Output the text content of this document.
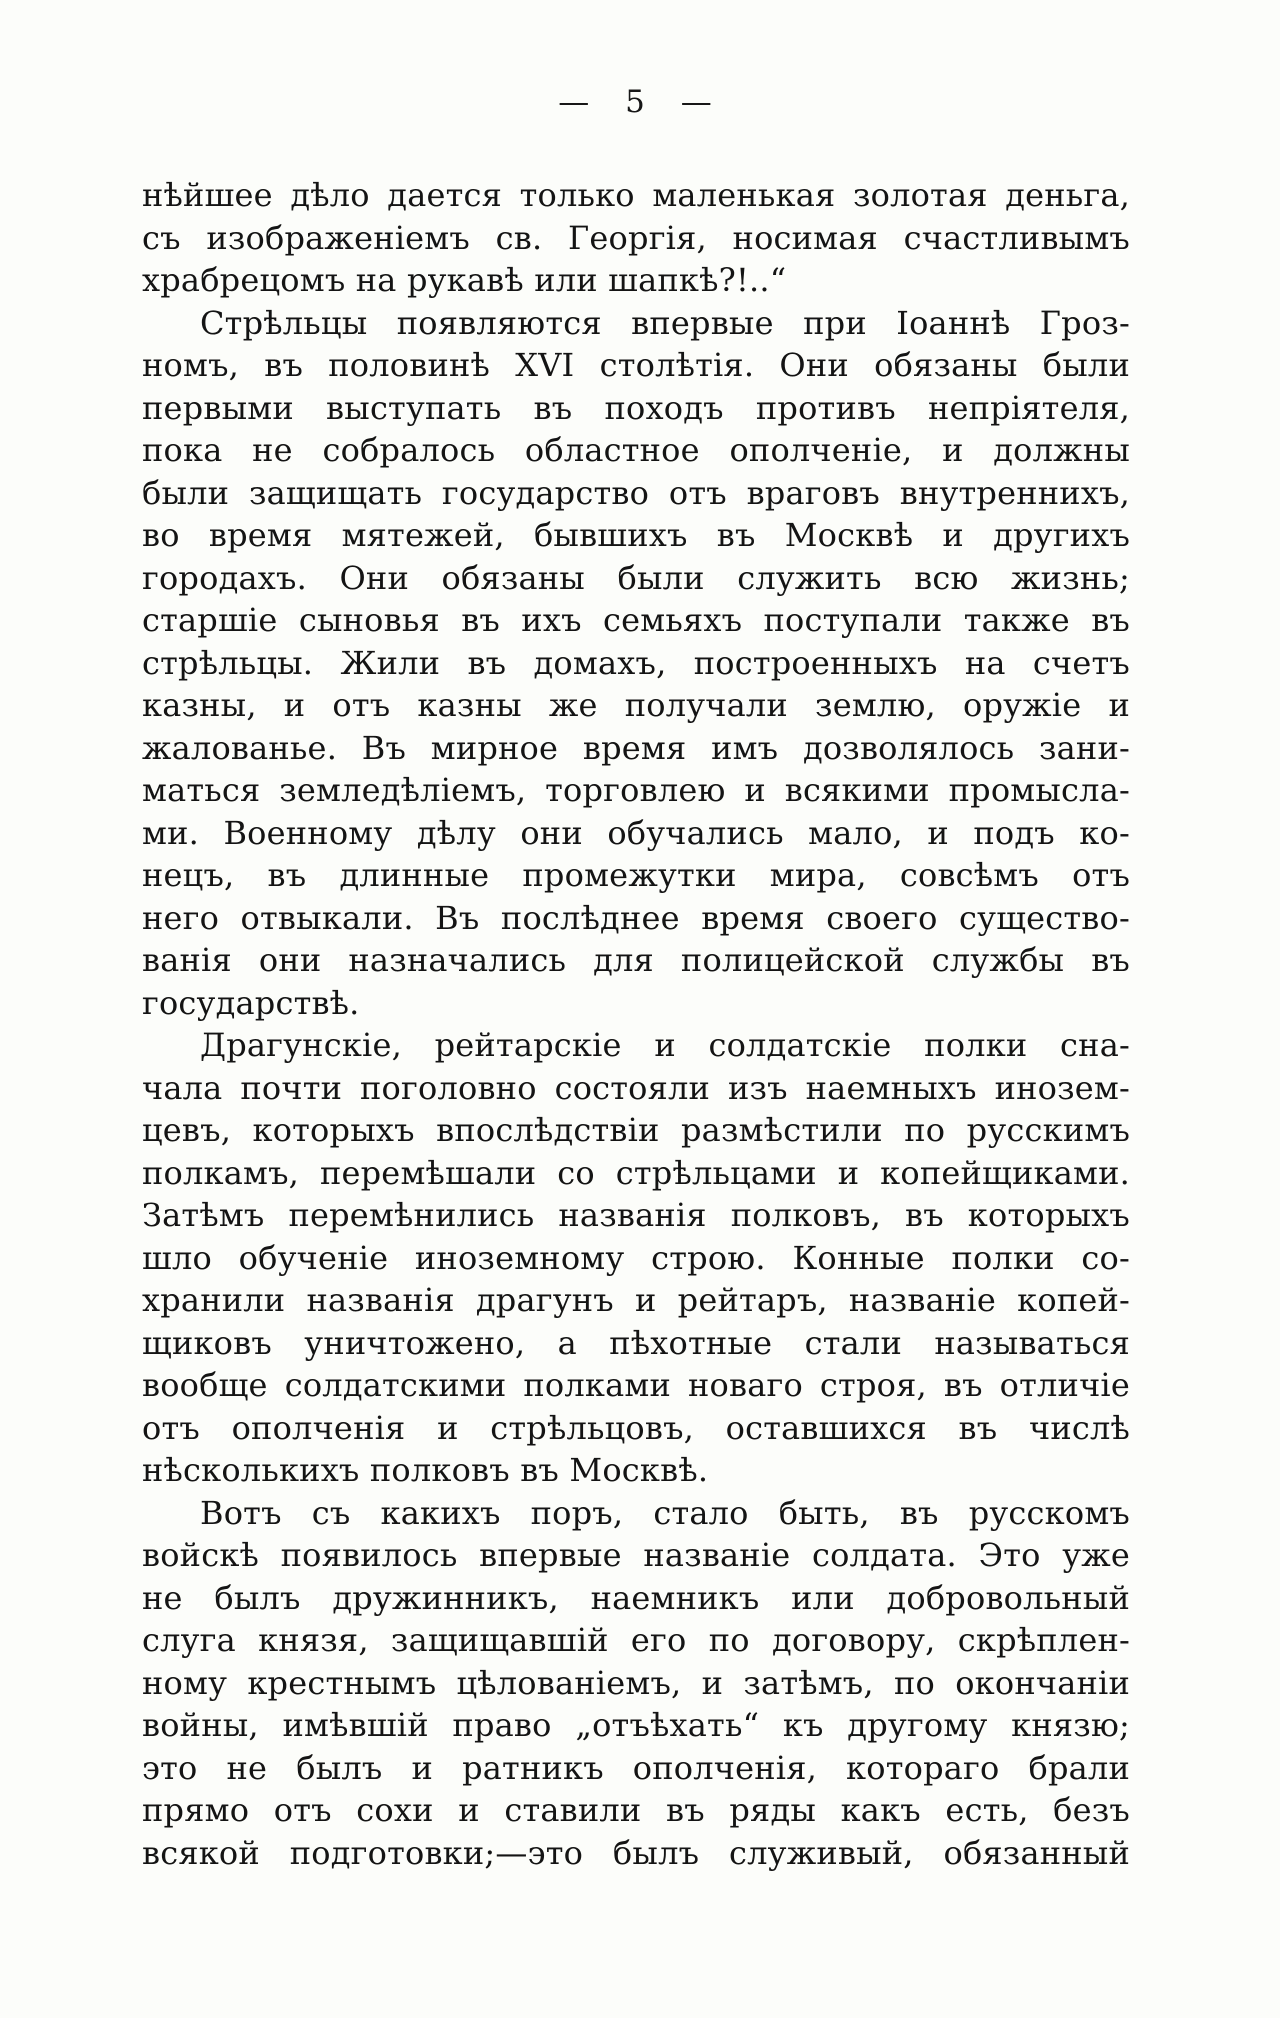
— 5 —
нѣйшее дѣло дается только маленькая золотая деньга,
съ изображеніемъ св. Георгія, носимая счастливымъ
храбрецомъ на рукавѣ или шапкѣ?!..“
Стрѣльцы появляются впервые при Іоаннѣ Гроз-
номъ, въ половинѣ XVI столѣтія. Они обязаны были
первыми выступать въ походъ противъ непріятеля,
пока не собралось областное ополченіе, и должны
были защищать государство отъ враговъ внутреннихъ,
во время мятежей, бывшихъ въ Москвѣ и другихъ
городахъ. Они обязаны были служить всю жизнь;
старшіе сыновья въ ихъ семьяхъ поступали также въ
стрѣльцы. Жили въ домахъ, построенныхъ на счетъ
казны, и отъ казны же получали землю, оружіе и
жалованье. Въ мирное время имъ дозволялось зани-
маться земледѣліемъ, торговлею и всякими промысла-
ми. Военному дѣлу они обучались мало, и подъ ко-
нецъ, въ длинные промежутки мира, совсѣмъ отъ
него отвыкали. Въ послѣднее время своего существо-
ванія они назначались для полицейской службы въ
государствѣ.
Драгунскіе, рейтарскіе и солдатскіе полки сна-
чала почти поголовно состояли изъ наемныхъ инозем-
цевъ, которыхъ впослѣдствіи размѣстили по русскимъ
полкамъ, перемѣшали со стрѣльцами и копейщиками.
Затѣмъ перемѣнились названія полковъ, въ которыхъ
шло обученіе иноземному строю. Конные полки со-
хранили названія драгунъ и рейтаръ, названіе копей-
щиковъ уничтожено, а пѣхотные стали называться
вообще солдатскими полками новаго строя, въ отличіе
отъ ополченія и стрѣльцовъ, оставшихся въ числѣ
нѣсколькихъ полковъ въ Москвѣ.
Вотъ съ какихъ поръ, стало быть, въ русскомъ
войскѣ появилось впервые названіе солдата. Это уже
не былъ дружинникъ, наемникъ или добровольный
слуга князя, защищавшій его по договору, скрѣплен-
ному крестнымъ цѣлованіемъ, и затѣмъ, по окончаніи
войны, имѣвшій право „отъѣхать“ къ другому князю;
это не былъ и ратникъ ополченія, котораго брали
прямо отъ сохи и ставили въ ряды какъ есть, безъ
всякой подготовки;—это былъ служивый, обязанный
